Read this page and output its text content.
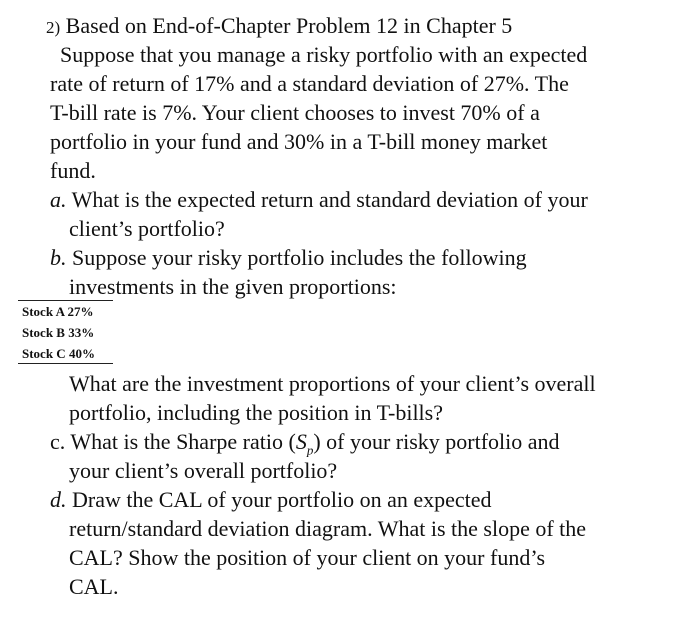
2) Based on End-of-Chapter Problem 12 in Chapter 5
Suppose that you manage a risky portfolio with an expected
rate of return of 17% and a standard deviation of 27%. The
T-bill rate is 7%. Your client chooses to invest 70% of a
portfolio in your fund and 30% in a T-bill money market
fund.
a. What is the expected return and standard deviation of your
client’s portfolio?
b. Suppose your risky portfolio includes the following
investments in the given proportions:
Stock A 27%
Stock B 33%
Stock C 40%
What are the investment proportions of your client’s overall
portfolio, including the position in T-bills?
c. What is the Sharpe ratio $(S_p)$ of your risky portfolio and
your client’s overall portfolio?
d. Draw the CAL of your portfolio on an expected
return/standard deviation diagram. What is the slope of the
CAL? Show the position of your client on your fund’s
CAL.
